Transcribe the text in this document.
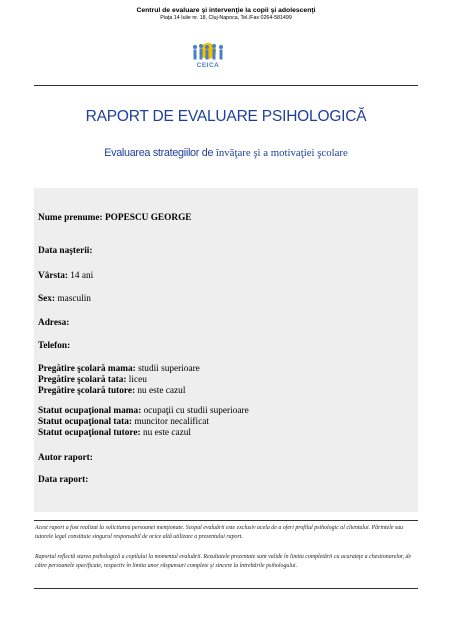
Centrul de evaluare şi intervenţie la copii şi adolescenţi
Piaţa 14 Iulie nr. 18, Cluj-Napoca, Tel./Fax 0264-581499
CEICA
RAPORT DE EVALUARE PSIHOLOGICĂ
Evaluarea strategiilor de învăţare şi a motivaţiei şcolare
Nume prenume: POPESCU GEORGE
Data naşterii:
Vârsta: 14 ani
Sex: masculin
Adresa:
Telefon:
Pregătire şcolară mama: studii superioare
Pregătire şcolară tata: liceu
Pregătire şcolară tutore: nu este cazul
Statut ocupaţional mama: ocupaţii cu studii superioare
Statut ocupaţional tata: muncitor necalificat
Statut ocupaţional tutore: nu este cazul
Autor raport:
Data raport:
Acest raport a fost realizat la solicitarea persoanei menţionate. Scopul evaluării este exclusiv acela de a oferi profilul psihologic al clientului. Părintele sau tutorele legal constituie singurul responsabil de orice altă utilizare a prezentului raport.
Raportul reflectă starea psihologică a copilului la momentul evaluării. Rezultatele prezentate sunt valide în limita completării cu acurateţe a chestionarelor, de către persoanele specificate, respectiv în limita unor răspunsuri complete şi sincere la întrebările psihologului.
